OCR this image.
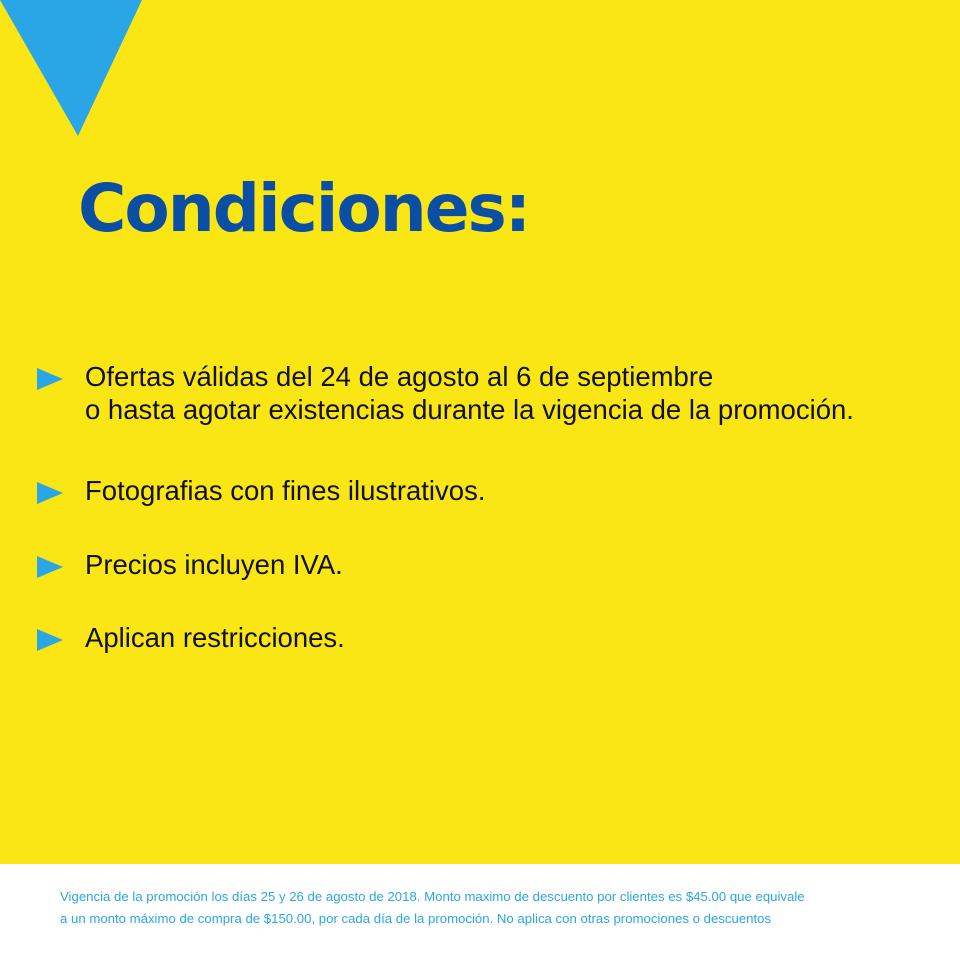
Condiciones:

Ofertas válidas del 24 de agosto al 6 de septiembre

o hasta agotar existencias durante la vigencia de la promoción.

Fotografias con fines ilustrativos.

Precios incluyen IVA.

Aplican restricciones.

Vigencia de la promoción los días 25 y 26 de agosto de 2018. Monto maximo de descuento por clientes es $45.00 que equivale
a un monto máximo de compra de $150.00, por cada día de la promoción. No aplica con otras promociones o descuentos
